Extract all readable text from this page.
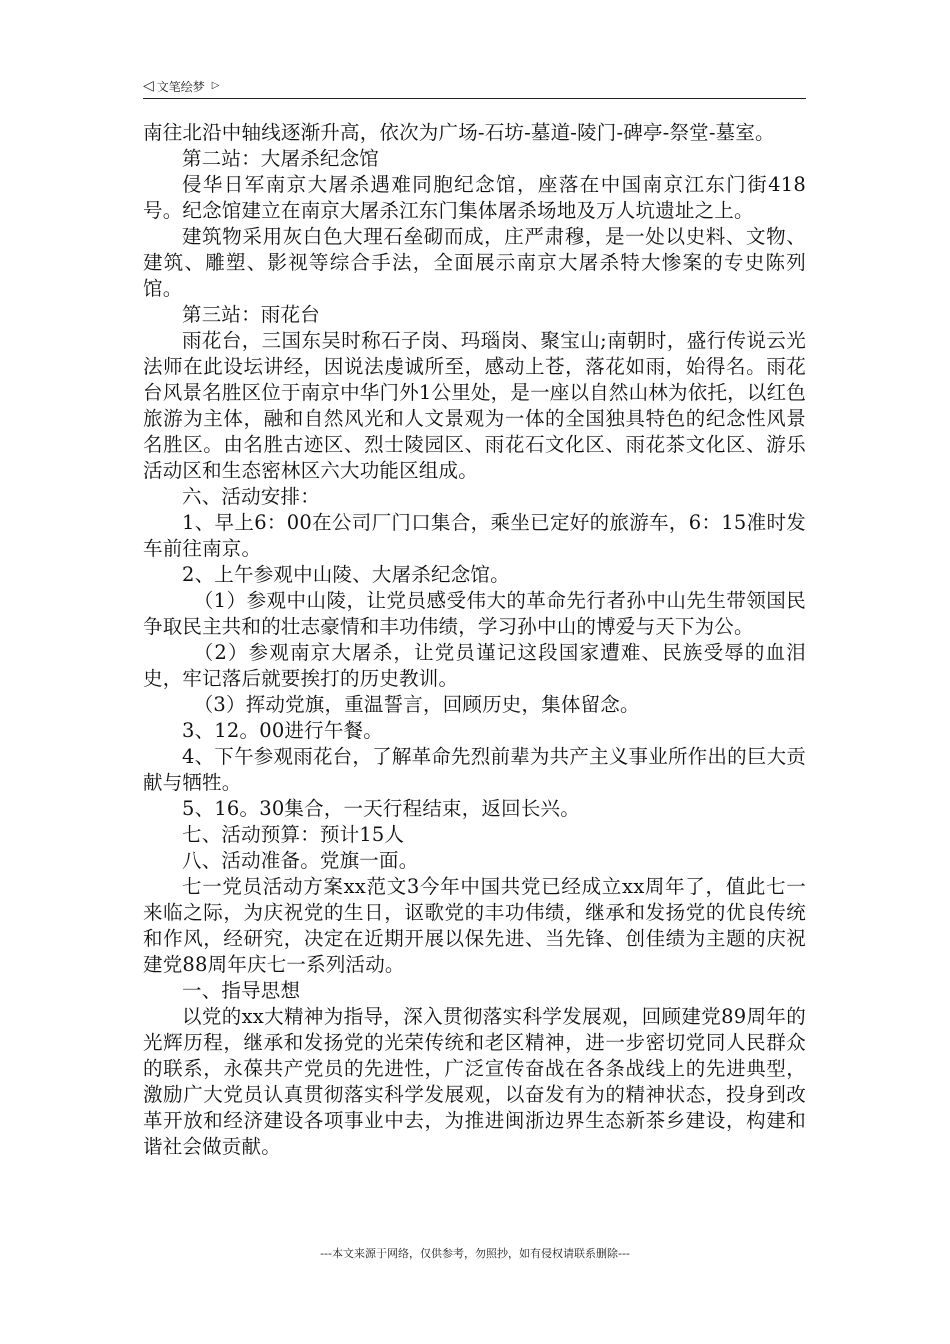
◁ 文笔绘梦 ▷

南往北沿中轴线逐渐升高，依次为广场-石坊-墓道-陵门-碑亭-祭堂-墓室。

第二站：大屠杀纪念馆

侵华日军南京大屠杀遇难同胞纪念馆，座落在中国南京江东门街418号。纪念馆建立在南京大屠杀江东门集体屠杀场地及万人坑遗址之上。

建筑物采用灰白色大理石垒砌而成，庄严肃穆，是一处以史料、文物、建筑、雕塑、影视等综合手法，全面展示南京大屠杀特大惨案的专史陈列馆。

第三站：雨花台

雨花台，三国东吴时称石子岗、玛瑙岗、聚宝山;南朝时，盛行传说云光法师在此设坛讲经，因说法虔诚所至，感动上苍，落花如雨，始得名。雨花台风景名胜区位于南京中华门外1公里处，是一座以自然山林为依托，以红色旅游为主体，融和自然风光和人文景观为一体的全国独具特色的纪念性风景名胜区。由名胜古迹区、烈士陵园区、雨花石文化区、雨花茶文化区、游乐活动区和生态密林区六大功能区组成。

六、活动安排：

1、早上6：00在公司厂门口集合，乘坐已定好的旅游车，6：15准时发车前往南京。

2、上午参观中山陵、大屠杀纪念馆。

（1）参观中山陵，让党员感受伟大的革命先行者孙中山先生带领国民争取民主共和的壮志豪情和丰功伟绩，学习孙中山的博爱与天下为公。

（2）参观南京大屠杀，让党员谨记这段国家遭难、民族受辱的血泪史，牢记落后就要挨打的历史教训。

（3）挥动党旗，重温誓言，回顾历史，集体留念。

3、12。00进行午餐。

4、下午参观雨花台，了解革命先烈前辈为共产主义事业所作出的巨大贡献与牺牲。

5、16。30集合，一天行程结束，返回长兴。

七、活动预算：预计15人

八、活动准备。党旗一面。

七一党员活动方案xx范文3今年中国共党已经成立xx周年了，值此七一来临之际，为庆祝党的生日，讴歌党的丰功伟绩，继承和发扬党的优良传统和作风，经研究，决定在近期开展以保先进、当先锋、创佳绩为主题的庆祝建党88周年庆七一系列活动。

一、指导思想

以党的xx大精神为指导，深入贯彻落实科学发展观，回顾建党89周年的光辉历程，继承和发扬党的光荣传统和老区精神，进一步密切党同人民群众的联系，永葆共产党员的先进性，广泛宣传奋战在各条战线上的先进典型，激励广大党员认真贯彻落实科学发展观，以奋发有为的精神状态，投身到改革开放和经济建设各项事业中去，为推进闽浙边界生态新茶乡建设，构建和谐社会做贡献。

---本文来源于网络，仅供参考，勿照抄，如有侵权请联系删除---
